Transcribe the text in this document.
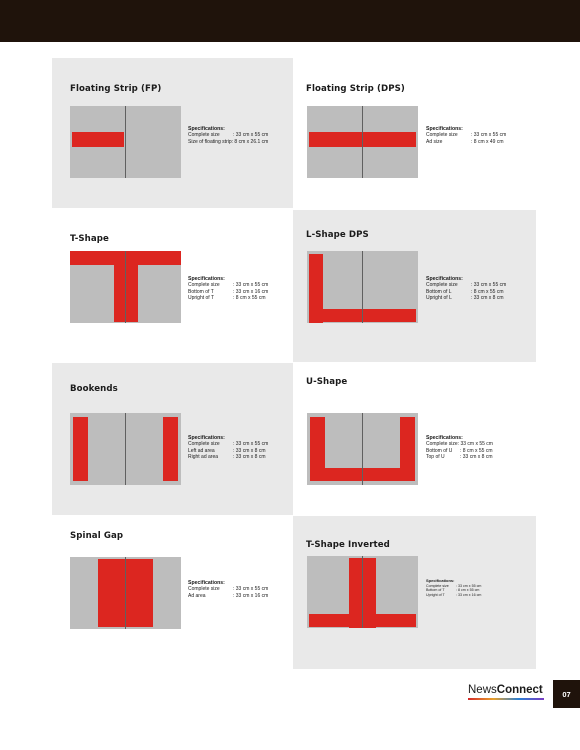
Floating Strip (FP)
Specifications:
Complete size	: 33 cm x 55 cm
Size of floating strip : 8 cm x 26.1 cm
Floating Strip (DPS)
Specifications:
Complete size	: 33 cm x 55 cm
Ad size	: 8 cm x 49 cm
T-Shape
Specifications:
Complete size	: 33 cm x 55 cm
Bottom of T	: 33 cm x 16 cm
Upright of T	: 8 cm x 55 cm
L-Shape DPS
Specifications:
Complete size	: 33 cm x 55 cm
Bottom of L	: 8 cm x 55 cm
Upright of L	: 33 cm x 8 cm
Bookends
Specifications:
Complete size	: 33 cm x 55 cm
Left ad area	: 33 cm x 8 cm
Right ad area	: 33 cm x 8 cm
U-Shape
Specifications:
Complete size : 33 cm x 55 cm
Bottom of U	: 8 cm x 55 cm
Top of U	: 33 cm x 8 cm
Spinal Gap
Specifications:
Complete size	: 33 cm x 55 cm
Ad area	: 33 cm x 16 cm
T-Shape Inverted
Specifications:
Complete size	: 33 cm x 55 cm
Bottom of T	: 8 cm x 55 cm
Upright of T	: 33 cm x 16 cm
NewsConnect	07
